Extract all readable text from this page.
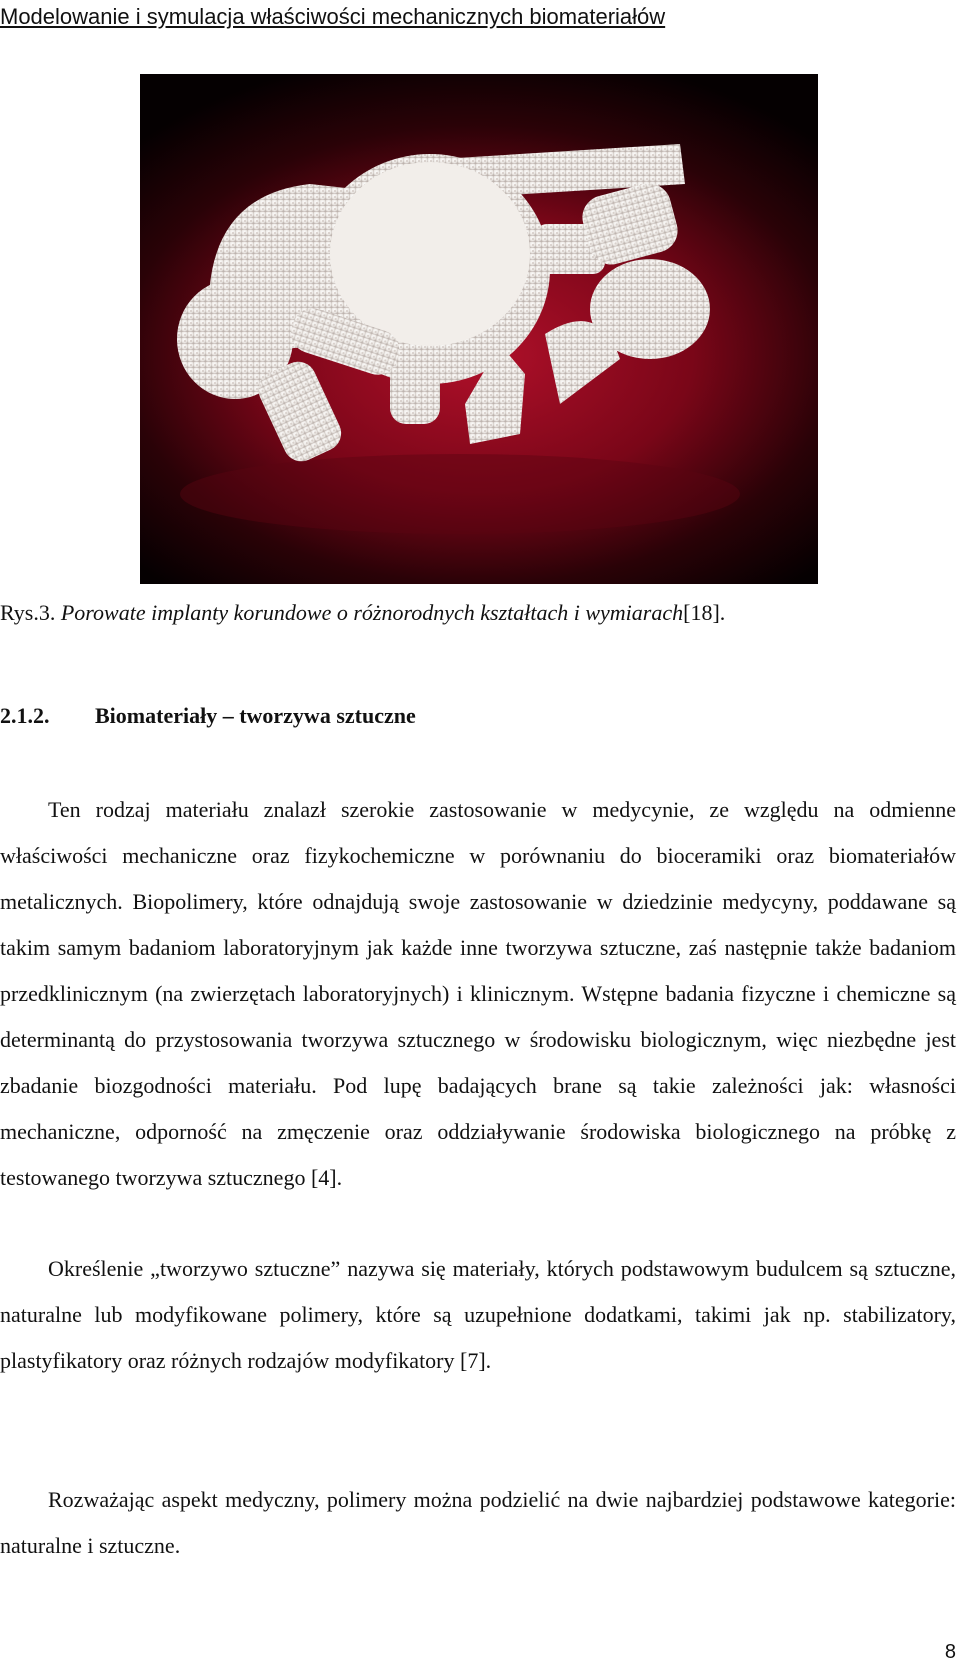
Modelowanie i symulacja właściwości mechanicznych biomateriałów
Rys.3. Porowate implanty korundowe o różnorodnych kształtach i wymiarach[18].
2.1.2. Biomateriały – tworzywa sztuczne
Ten rodzaj materiału znalazł szerokie zastosowanie w medycynie, ze względu na odmienne właściwości mechaniczne oraz fizykochemiczne w porównaniu do bioceramiki oraz biomateriałów metalicznych. Biopolimery, które odnajdują swoje zastosowanie w dziedzinie medycyny, poddawane są takim samym badaniom laboratoryjnym jak każde inne tworzywa sztuczne, zaś następnie także badaniom przedklinicznym (na zwierzętach laboratoryjnych) i klinicznym. Wstępne badania fizyczne i chemiczne są determinantą do przystosowania tworzywa sztucznego w środowisku biologicznym, więc niezbędne jest zbadanie biozgodności materiału. Pod lupę badających brane są takie zależności jak: własności mechaniczne, odporność na zmęczenie oraz oddziaływanie środowiska biologicznego na próbkę z testowanego tworzywa sztucznego [4].
Określenie „tworzywo sztuczne” nazywa się materiały, których podstawowym budulcem są sztuczne, naturalne lub modyfikowane polimery, które są uzupełnione dodatkami, takimi jak np. stabilizatory, plastyfikatory oraz różnych rodzajów modyfikatory [7].
Rozważając aspekt medyczny, polimery można podzielić na dwie najbardziej podstawowe kategorie: naturalne i sztuczne.
8
